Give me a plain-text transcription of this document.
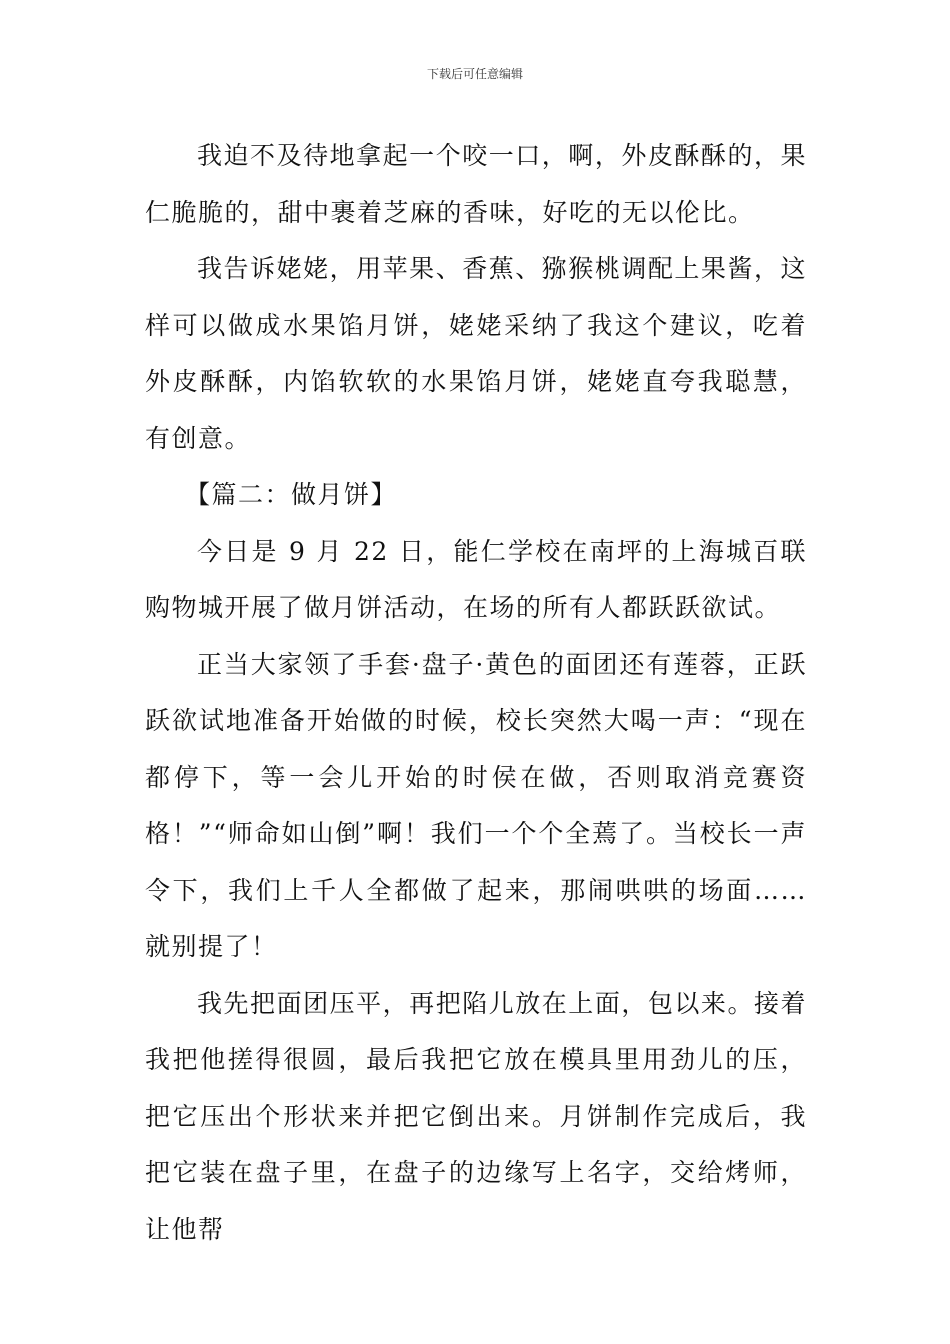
下载后可任意编辑

我迫不及待地拿起一个咬一口，啊，外皮酥酥的，果仁脆脆的，甜中裹着芝麻的香味，好吃的无以伦比。

我告诉姥姥，用苹果、香蕉、猕猴桃调配上果酱，这样可以做成水果馅月饼，姥姥采纳了我这个建议，吃着外皮酥酥，内馅软软的水果馅月饼，姥姥直夸我聪慧，有创意。

【篇二：做月饼】

今日是 9 月 22 日，能仁学校在南坪的上海城百联购物城开展了做月饼活动，在场的所有人都跃跃欲试。

正当大家领了手套·盘子·黄色的面团还有莲蓉，正跃跃欲试地准备开始做的时候，校长突然大喝一声：“现在都停下，等一会儿开始的时侯在做，否则取消竞赛资格！”“师命如山倒”啊！我们一个个全蔫了。当校长一声令下，我们上千人全都做了起来，那闹哄哄的场面……就别提了！

我先把面团压平，再把陷儿放在上面，包以来。接着我把他搓得很圆，最后我把它放在模具里用劲儿的压，把它压出个形状来并把它倒出来。月饼制作完成后，我把它装在盘子里，在盘子的边缘写上名字，交给烤师，让他帮
